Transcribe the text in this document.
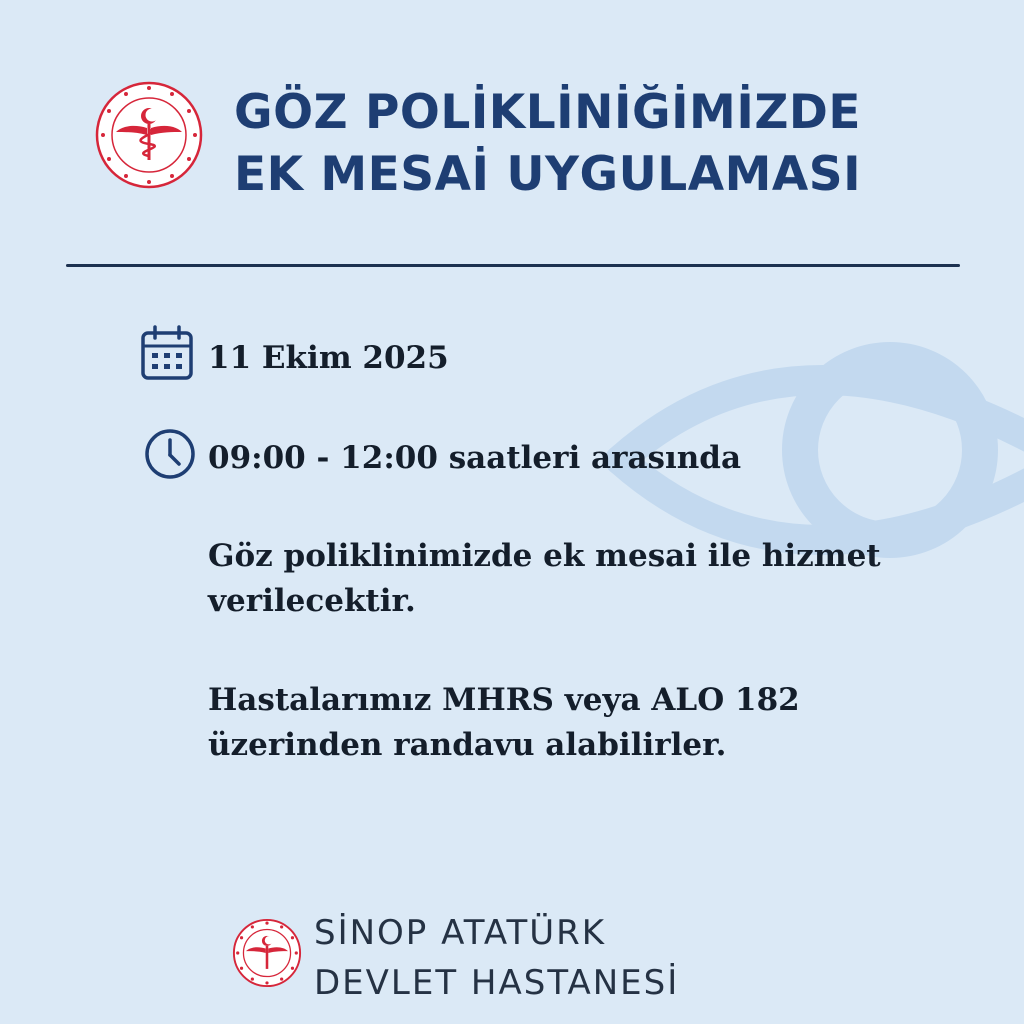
GÖZ POLİKLİNİĞİMİZDE
EK MESAİ UYGULAMASI
11 Ekim 2025
09:00 - 12:00 saatleri arasında

Göz poliklinimizde ek mesai ile hizmet
verilecektir.

Hastalarımız MHRS veya ALO 182
üzerinden randavu alabilirler.

SİNOP ATATÜRK
DEVLET HASTANESİ
